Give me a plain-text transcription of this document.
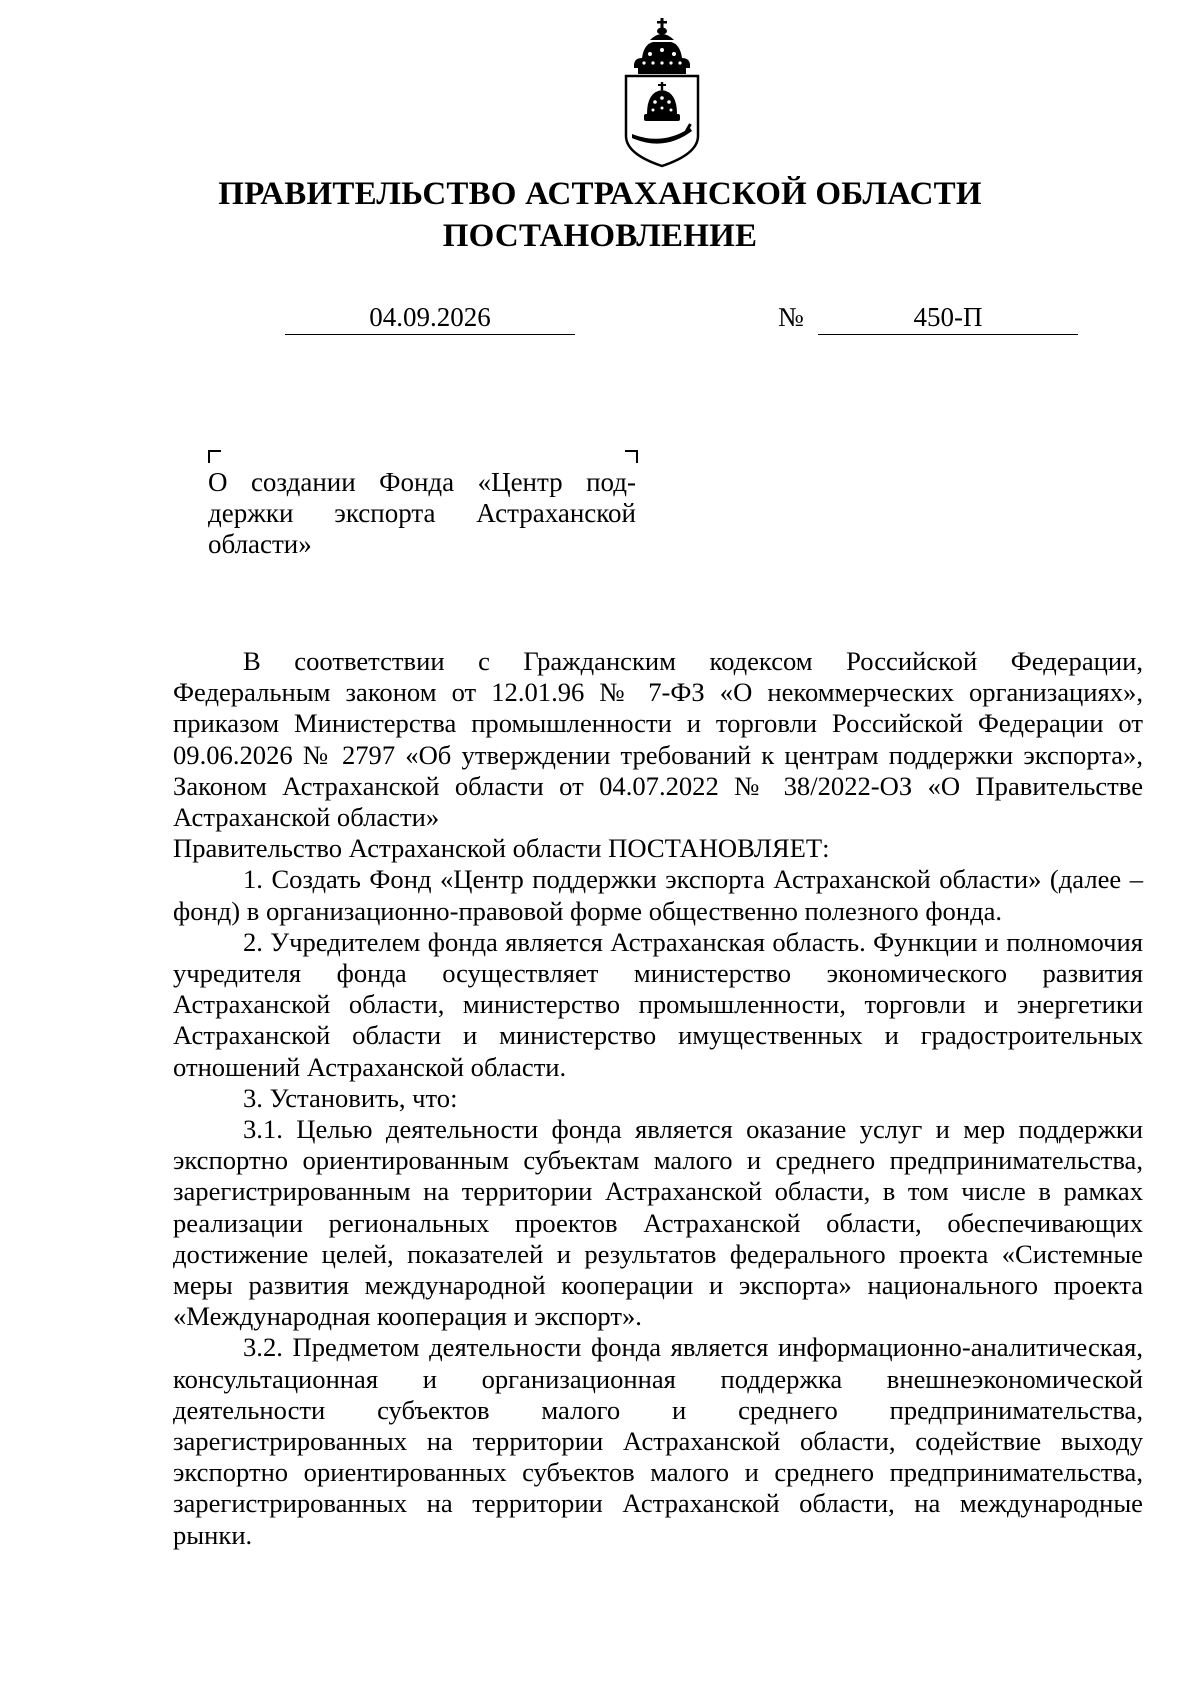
ПРАВИТЕЛЬСТВО АСТРАХАНСКОЙ ОБЛАСТИ
ПОСТАНОВЛЕНИЕ
04.09.2026	№	450-П
О создании Фонда «Центр поддержки экспорта Астраханской области»

В соответствии с Гражданским кодексом Российской Федерации, Федеральным законом от 12.01.96 № 7-ФЗ «О некоммерческих организациях», приказом Министерства промышленности и торговли Российской Федерации от 09.06.2026 № 2797 «Об утверждении требований к центрам поддержки экспорта», Законом Астраханской области от 04.07.2022 № 38/2022-ОЗ «О Правительстве Астраханской области»

Правительство Астраханской области ПОСТАНОВЛЯЕТ:

1. Создать Фонд «Центр поддержки экспорта Астраханской области» (далее – фонд) в организационно-правовой форме общественно полезного фонда.

2. Учредителем фонда является Астраханская область. Функции и полномочия учредителя фонда осуществляет министерство экономического развития Астраханской области, министерство промышленности, торговли и энергетики Астраханской области и министерство имущественных и градостроительных отношений Астраханской области.

3. Установить, что:

3.1. Целью деятельности фонда является оказание услуг и мер поддержки экспортно ориентированным субъектам малого и среднего предпринимательства, зарегистрированным на территории Астраханской области, в том числе в рамках реализации региональных проектов Астраханской области, обеспечивающих достижение целей, показателей и результатов федерального проекта «Системные меры развития международной кооперации и экспорта» национального проекта «Международная кооперация и экспорт».

3.2. Предметом деятельности фонда является информационно-аналитическая, консультационная и организационная поддержка внешнеэкономической деятельности субъектов малого и среднего предпринимательства, зарегистрированных на территории Астраханской области, содействие выходу экспортно ориентированных субъектов малого и среднего предпринимательства, зарегистрированных на территории Астраханской области, на международные рынки.
